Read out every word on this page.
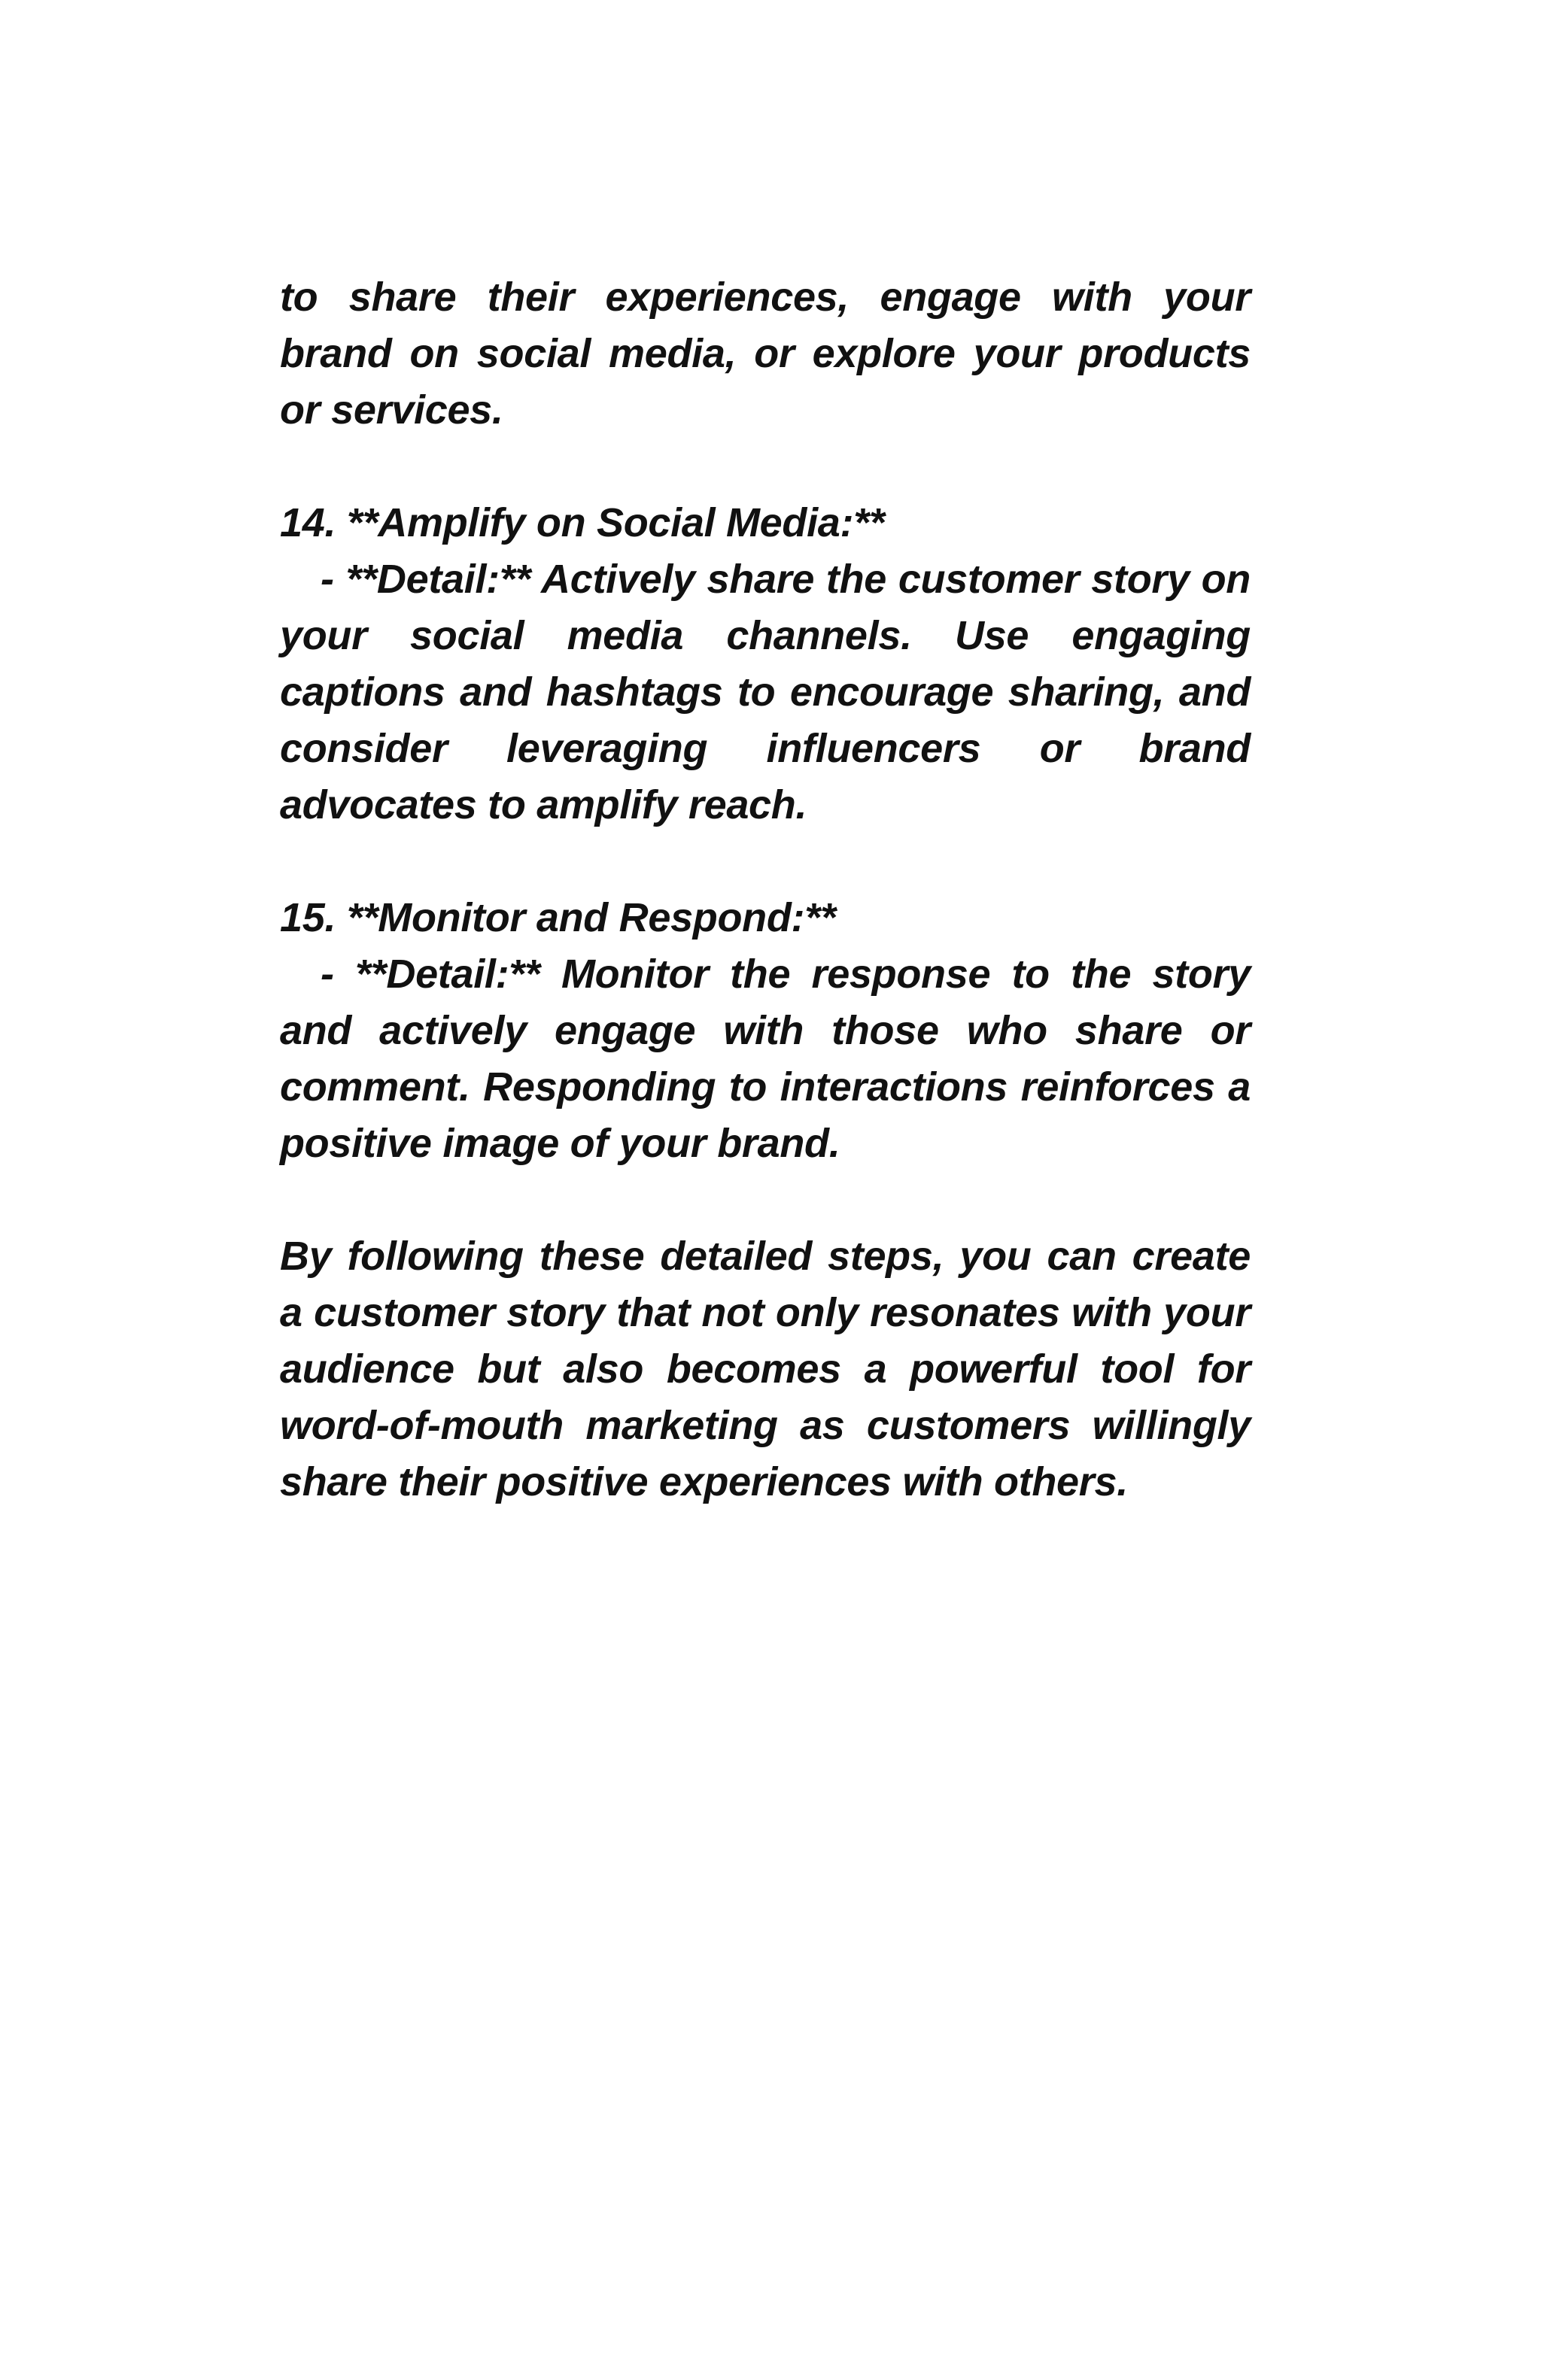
to share their experiences, engage with your brand on social media, or explore your products or services.

14. **Amplify on Social Media:**

- **Detail:** Actively share the customer story on your social media channels. Use engaging captions and hashtags to encourage sharing, and consider leveraging influencers or brand advocates to amplify reach.

15. **Monitor and Respond:**

- **Detail:** Monitor the response to the story and actively engage with those who share or comment. Responding to interactions reinforces a positive image of your brand.

By following these detailed steps, you can create a customer story that not only resonates with your audience but also becomes a powerful tool for word-of-mouth marketing as customers willingly share their positive experiences with others.
